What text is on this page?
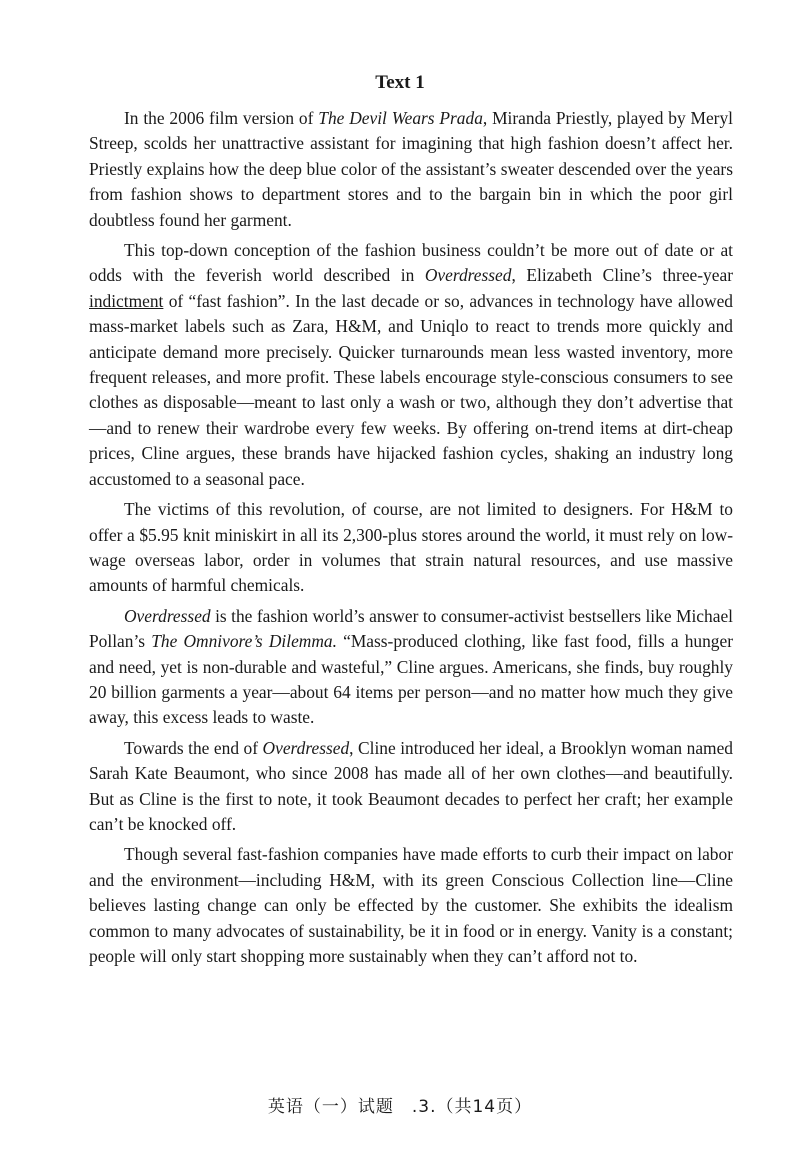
Text 1

In the 2006 film version of The Devil Wears Prada, Miranda Priestly, played by Meryl Streep, scolds her unattractive assistant for imagining that high fashion doesn’t affect her. Priestly explains how the deep blue color of the assistant’s sweater descended over the years from fashion shows to department stores and to the bargain bin in which the poor girl doubtless found her garment.

This top-down conception of the fashion business couldn’t be more out of date or at odds with the feverish world described in Overdressed, Elizabeth Cline’s three-year indictment of “fast fashion”. In the last decade or so, advances in technology have allowed mass-market labels such as Zara, H&M, and Uniqlo to react to trends more quickly and anticipate demand more precisely. Quicker turnarounds mean less wasted inventory, more frequent releases, and more profit. These labels encourage style-conscious consumers to see clothes as disposable—meant to last only a wash or two, although they don’t advertise that—and to renew their wardrobe every few weeks. By offering on-trend items at dirt-cheap prices, Cline argues, these brands have hijacked fashion cycles, shaking an industry long accustomed to a seasonal pace.

The victims of this revolution, of course, are not limited to designers. For H&M to offer a $5.95 knit miniskirt in all its 2,300-plus stores around the world, it must rely on low-wage overseas labor, order in volumes that strain natural resources, and use massive amounts of harmful chemicals.

Overdressed is the fashion world’s answer to consumer-activist bestsellers like Michael Pollan’s The Omnivore’s Dilemma. “Mass-produced clothing, like fast food, fills a hunger and need, yet is non-durable and wasteful,” Cline argues. Americans, she finds, buy roughly 20 billion garments a year—about 64 items per person—and no matter how much they give away, this excess leads to waste.

Towards the end of Overdressed, Cline introduced her ideal, a Brooklyn woman named Sarah Kate Beaumont, who since 2008 has made all of her own clothes—and beautifully. But as Cline is the first to note, it took Beaumont decades to perfect her craft; her example can’t be knocked off.

Though several fast-fashion companies have made efforts to curb their impact on labor and the environment—including H&M, with its green Conscious Collection line—Cline believes lasting change can only be effected by the customer. She exhibits the idealism common to many advocates of sustainability, be it in food or in energy. Vanity is a constant; people will only start shopping more sustainably when they can’t afford not to.

英语（一）试题　.3.（共14页）
